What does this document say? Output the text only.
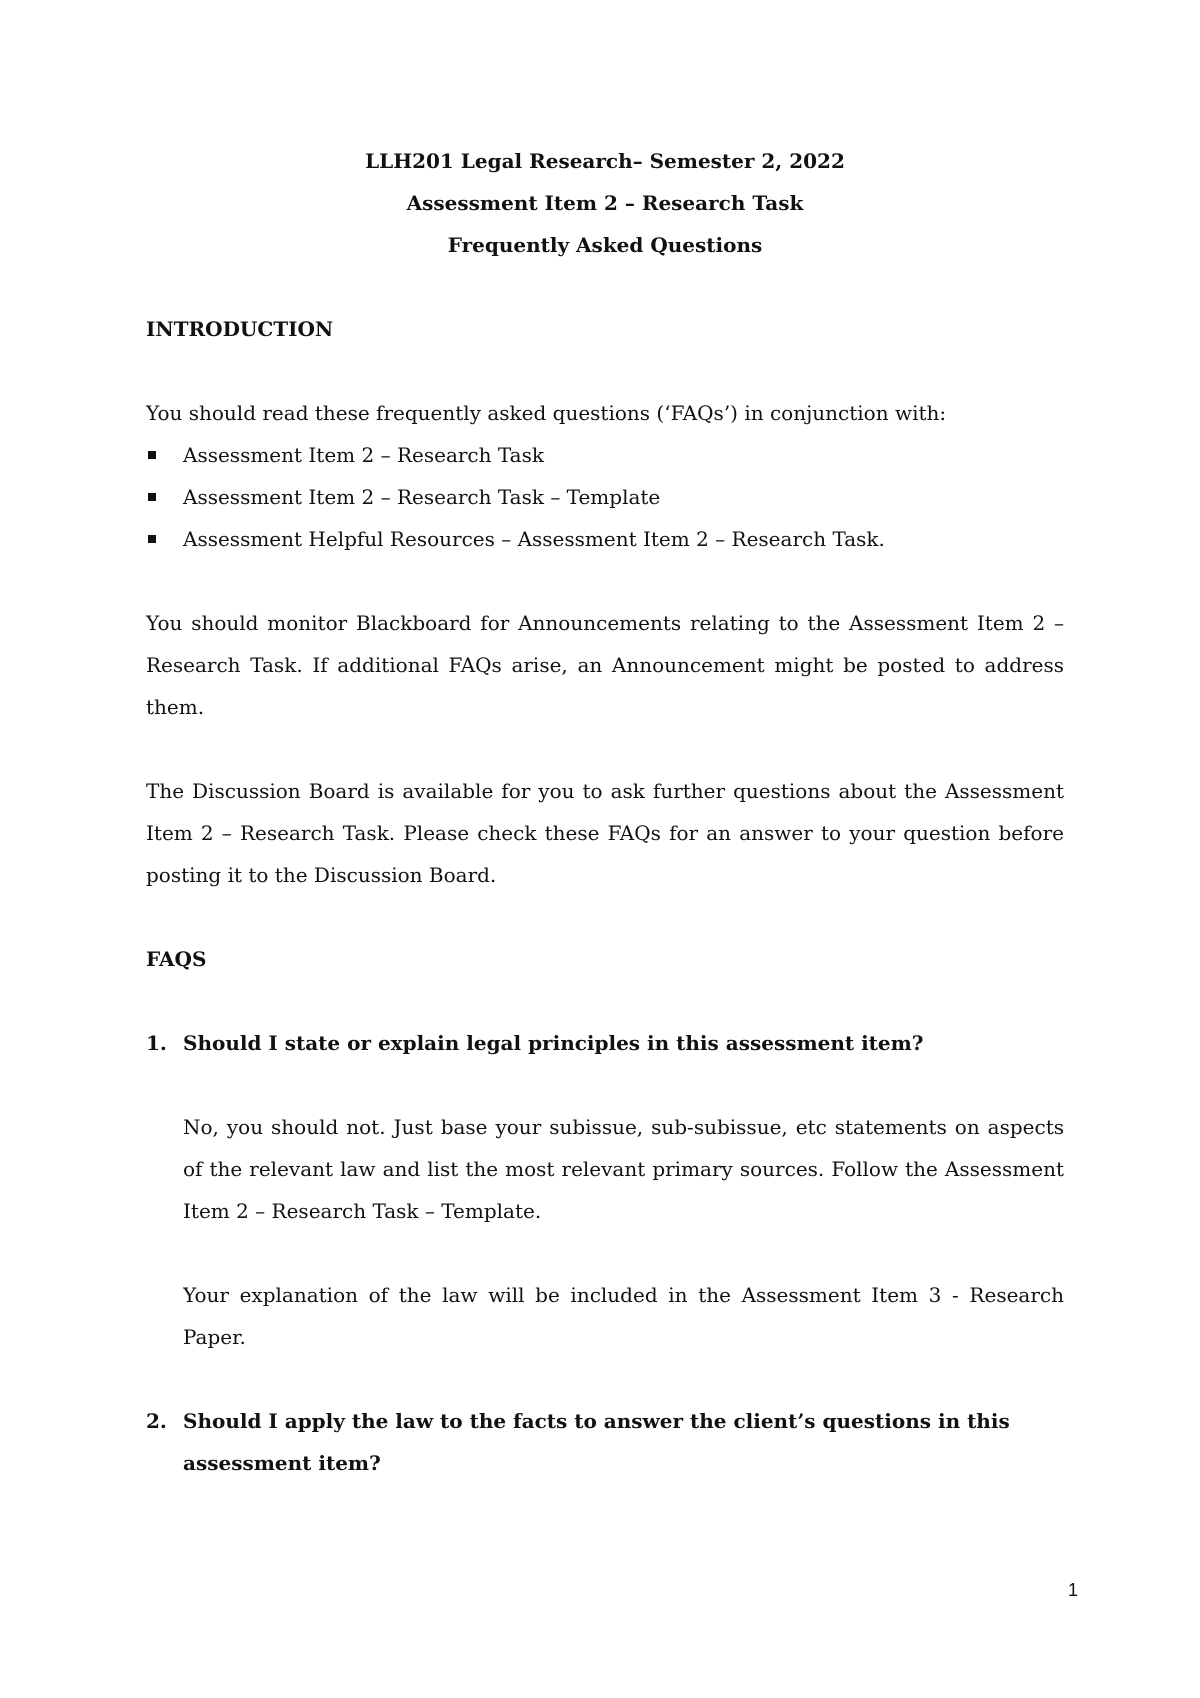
LLH201 Legal Research– Semester 2, 2022

Assessment Item 2 – Research Task

Frequently Asked Questions

INTRODUCTION

You should read these frequently asked questions (‘FAQs’) in conjunction with:

Assessment Item 2 – Research Task
Assessment Item 2 – Research Task – Template
Assessment Helpful Resources – Assessment Item 2 – Research Task.

You should monitor Blackboard for Announcements relating to the Assessment Item 2 – Research Task. If additional FAQs arise, an Announcement might be posted to address them.

The Discussion Board is available for you to ask further questions about the Assessment Item 2 – Research Task. Please check these FAQs for an answer to your question before posting it to the Discussion Board.

FAQS

1. Should I state or explain legal principles in this assessment item?

No, you should not. Just base your subissue, sub-subissue, etc statements on aspects of the relevant law and list the most relevant primary sources. Follow the Assessment Item 2 – Research Task – Template.

Your explanation of the law will be included in the Assessment Item 3 - Research Paper.

2. Should I apply the law to the facts to answer the client’s questions in this assessment item?
1
